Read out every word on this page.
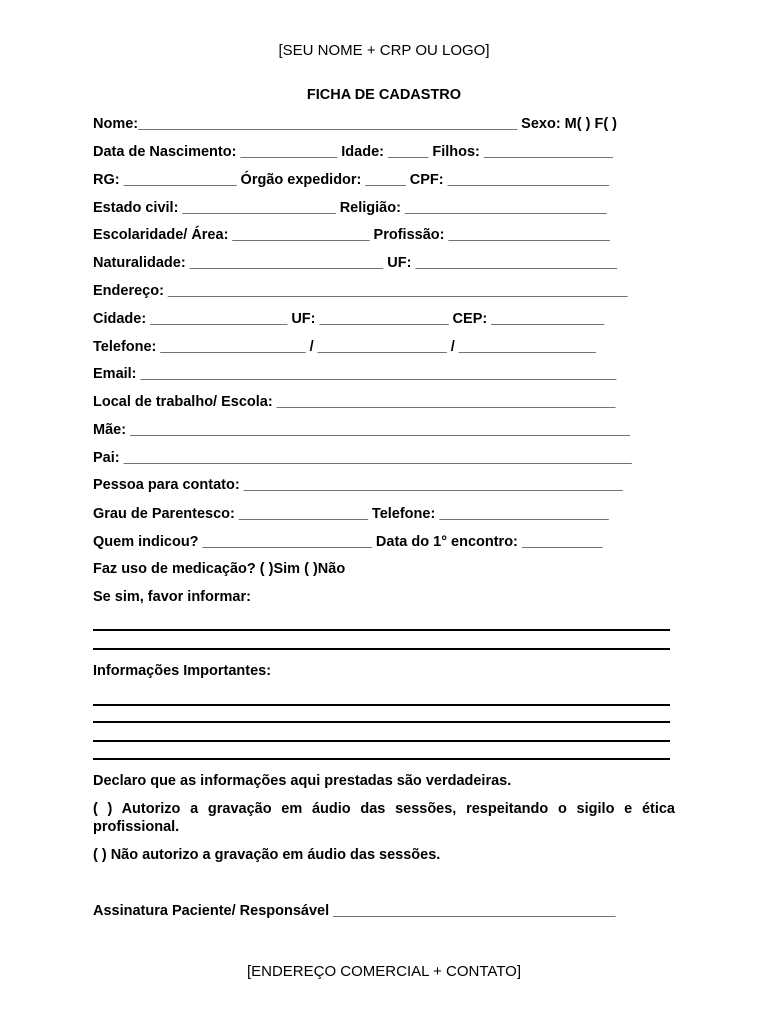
[SEU NOME + CRP OU LOGO]
FICHA DE CADASTRO
Nome:_______________________________________________ Sexo: M( ) F( )
Data de Nascimento: ____________ Idade: _____ Filhos: ________________
RG: ______________ Órgão expedidor: _____ CPF: ____________________
Estado civil: ___________________ Religião: _________________________
Escolaridade/ Área: _________________ Profissão: ____________________
Naturalidade: ________________________ UF: _________________________
Endereço: _________________________________________________________
Cidade: _________________ UF: ________________ CEP: ______________
Telefone: __________________ / ________________ / _________________
Email: ___________________________________________________________
Local de trabalho/ Escola: __________________________________________
Mãe: ______________________________________________________________
Pai: _______________________________________________________________
Pessoa para contato: _______________________________________________
Grau de Parentesco: ________________ Telefone: _____________________
Quem indicou? _____________________ Data do 1° encontro: __________
Faz uso de medicação? ( )Sim ( )Não
Se sim, favor informar:
Informações Importantes:
Declaro que as informações aqui prestadas são verdadeiras.
( ) Autorizo a gravação em áudio das sessões, respeitando o sigilo e ética profissional.
( ) Não autorizo a gravação em áudio das sessões.
Assinatura Paciente/ Responsável ___________________________________
[ENDEREÇO COMERCIAL + CONTATO]
